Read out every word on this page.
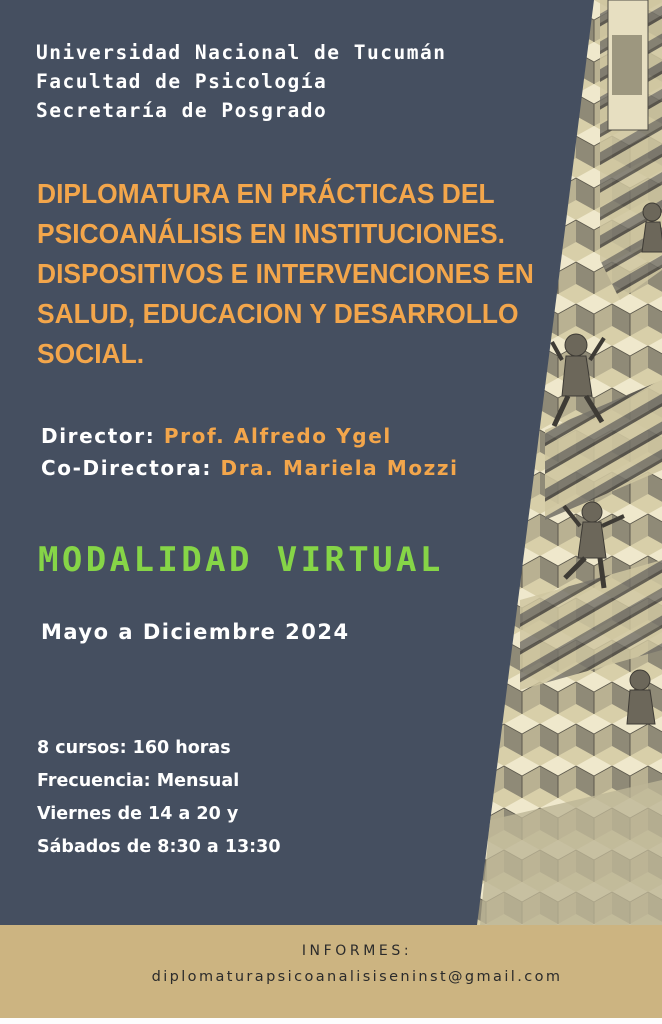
Universidad Nacional de Tucumán
Facultad de Psicología
Secretaría de Posgrado
DIPLOMATURA EN PRÁCTICAS DEL
PSICOANÁLISIS EN INSTITUCIONES.
DISPOSITIVOS E INTERVENCIONES EN
SALUD, EDUCACION Y DESARROLLO
SOCIAL.
Director: Prof. Alfredo Ygel
Co-Directora: Dra. Mariela Mozzi
MODALIDAD VIRTUAL
Mayo a Diciembre 2024
8 cursos: 160 horas
Frecuencia: Mensual
Viernes de 14 a 20 y
Sábados de 8:30 a 13:30

INFORMES:

diplomaturapsicoanalisiseninst@gmail.com
